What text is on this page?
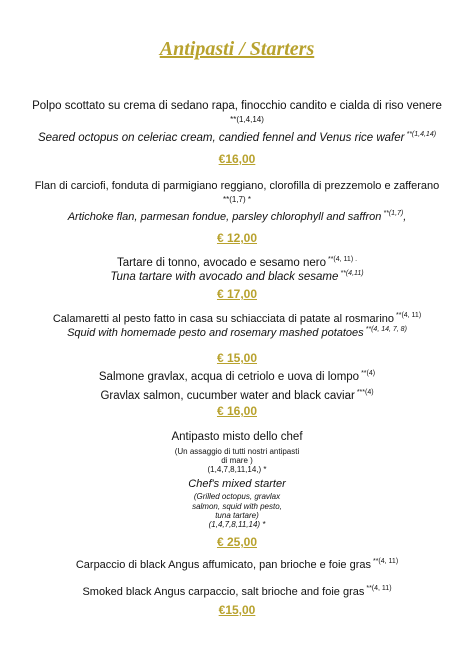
Antipasti / Starters
Polpo scottato su crema di sedano rapa, finocchio candito e cialda di riso venere
**(1,4,14)
Seared octopus on celeriac cream, candied fennel and Venus rice wafer $^{**(1,4,14)}$
€16,00
Flan di carciofi, fonduta di parmigiano reggiano, clorofilla di prezzemolo e zafferano
**(1,7) *
Artichoke flan, parmesan fondue, parsley chlorophyll and saffron $^{**(1,7)}$,
€ 12,00
Tartare di tonno, avocado e sesamo nero $^{**(4, 11) .}$
Tuna tartare with avocado and black sesame $^{**(4,11)}$
€ 17,00
Calamaretti al pesto fatto in casa su schiacciata di patate al rosmarino $^{**(4, 11)}$
Squid with homemade pesto and rosemary mashed potatoes $^{**(4, 14, 7, 8)}$
€ 15,00
Salmone gravlax, acqua di cetriolo e uova di lompo $^{**(4)}$
Gravlax salmon, cucumber water and black caviar $^{***(4)}$
€ 16,00
Antipasto misto dello chef
(Un assaggio di tutti nostri antipasti
di mare )
(1,4,7,8,11,14,) *
Chef's mixed starter
(Grilled octopus, gravlax
salmon, squid with pesto,
tuna tartare)
(1,4,7,8,11,14) *
€ 25,00
Carpaccio di black Angus affumicato, pan brioche e foie gras $^{**(4, 11)}$
Smoked black Angus carpaccio, salt brioche and foie gras $^{**(4, 11)}$
€15,00
